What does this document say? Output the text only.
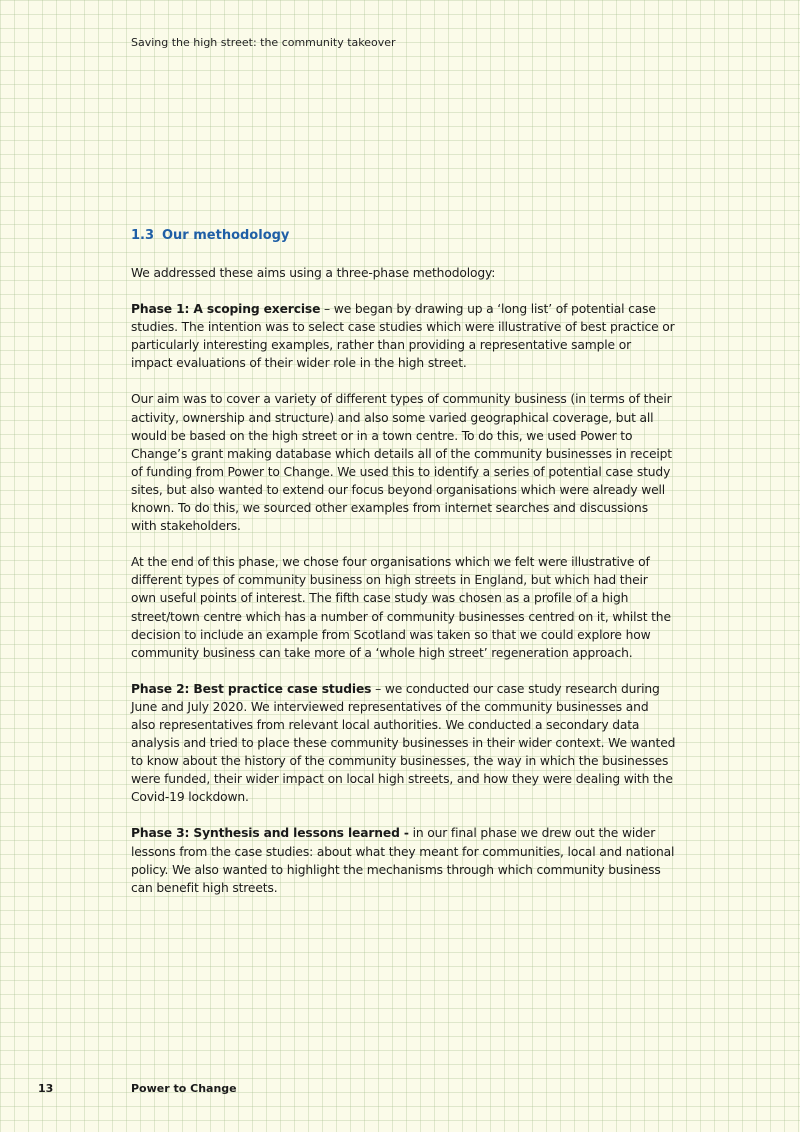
Saving the high street: the community takeover
1.3 Our methodology

We addressed these aims using a three-phase methodology:

Phase 1: A scoping exercise – we began by drawing up a ‘long list’ of potential case studies. The intention was to select case studies which were illustrative of best practice or particularly interesting examples, rather than providing a representative sample or impact evaluations of their wider role in the high street.

Our aim was to cover a variety of different types of community business (in terms of their activity, ownership and structure) and also some varied geographical coverage, but all would be based on the high street or in a town centre. To do this, we used Power to Change’s grant making database which details all of the community businesses in receipt of funding from Power to Change. We used this to identify a series of potential case study sites, but also wanted to extend our focus beyond organisations which were already well known. To do this, we sourced other examples from internet searches and discussions with stakeholders.

At the end of this phase, we chose four organisations which we felt were illustrative of different types of community business on high streets in England, but which had their own useful points of interest. The fifth case study was chosen as a profile of a high street/town centre which has a number of community businesses centred on it, whilst the decision to include an example from Scotland was taken so that we could explore how community business can take more of a ‘whole high street’ regeneration approach.

Phase 2: Best practice case studies – we conducted our case study research during June and July 2020. We interviewed representatives of the community businesses and also representatives from relevant local authorities. We conducted a secondary data analysis and tried to place these community businesses in their wider context. We wanted to know about the history of the community businesses, the way in which the businesses were funded, their wider impact on local high streets, and how they were dealing with the Covid-19 lockdown.

Phase 3: Synthesis and lessons learned - in our final phase we drew out the wider lessons from the case studies: about what they meant for communities, local and national policy. We also wanted to highlight the mechanisms through which community business can benefit high streets.

13	Power to Change
